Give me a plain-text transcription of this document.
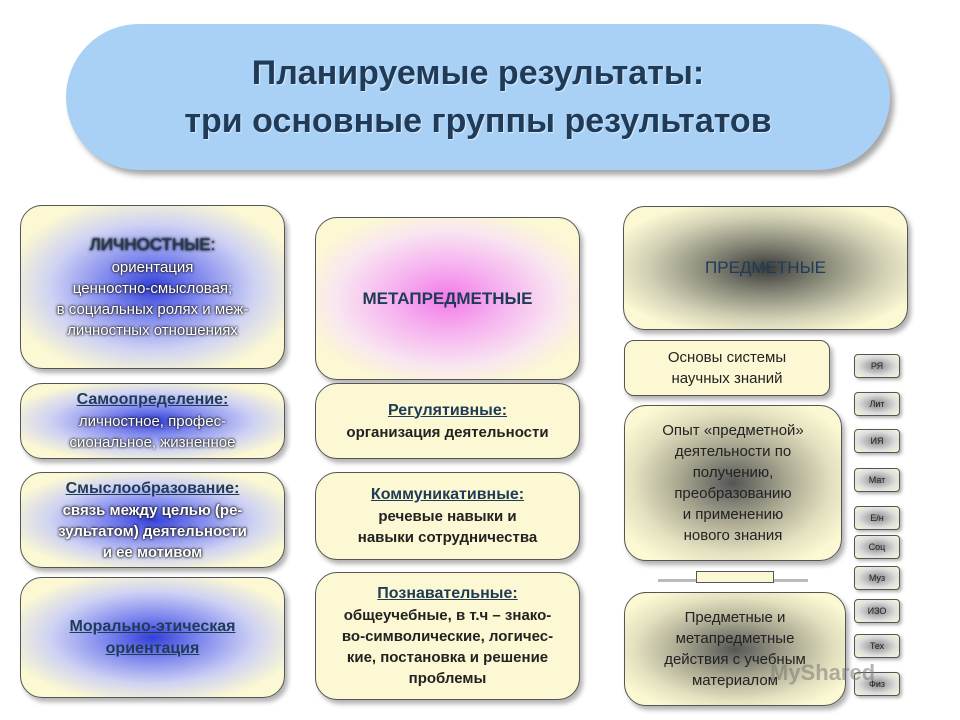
Планируемые результаты:
три основные группы результатов
ЛИЧНОСТНЫЕ:
ориентация
ценностно-смысловая;
в социальных ролях и меж-
личностных отношениях
Самоопределение:
личностное, профес-
сиональное, жизненное
Смыслообразование:
связь между целью (ре-
зультатом) деятельности
и ее мотивом
Морально-этическая
ориентация
МЕТАПРЕДМЕТНЫЕ
Регулятивные:
организация деятельности
Коммуникативные:
речевые навыки и
навыки сотрудничества
Познавательные:
общеучебные, в т.ч – знако-
во-символические, логичес-
кие, постановка и решение
проблемы
ПРЕДМЕТНЫЕ
Основы системы
научных знаний
Опыт «предметной»
деятельности по
получению,
преобразованию
и применению
нового знания
Предметные и
метапредметные
действия с учебным
материалом
РЯ
Лит
ИЯ
Мат
Е/н
Соц
Муз
ИЗО
Тех
Физ
MyShared
